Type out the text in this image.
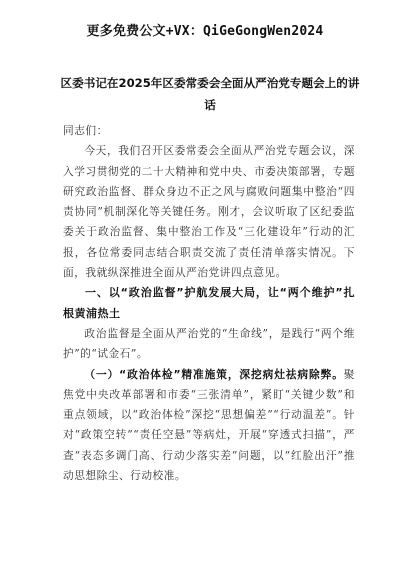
更多免费公文+VX：QiGeGongWen2024
区委书记在2025年区委常委会全面从严治党专题会上的讲话

同志们：

今天，我们召开区委常委会全面从严治党专题会议，深入学习贯彻党的二十大精神和党中央、市委决策部署，专题研究政治监督、群众身边不正之风与腐败问题集中整治“四责协同”机制深化等关键任务。刚才，会议听取了区纪委监委关于政治监督、集中整治工作及“三化建设年”行动的汇报，各位常委同志结合职责交流了责任清单落实情况。下面，我就纵深推进全面从严治党讲四点意见。

一、以“政治监督”护航发展大局，让“两个维护”扎根黄浦热土

政治监督是全面从严治党的“生命线”，是践行“两个维护”的“试金石”。

（一）“政治体检”精准施策，深挖病灶祛病除弊。聚焦党中央改革部署和市委“三张清单”，紧盯“关键少数”和重点领域，以“政治体检”深挖“思想偏差”“行动温差”。针对“政策空转”“责任空悬”等病灶，开展“穿透式扫描”，严查“表态多调门高、行动少落实差”问题，以“红脸出汗”推动思想除尘、行动校准。
